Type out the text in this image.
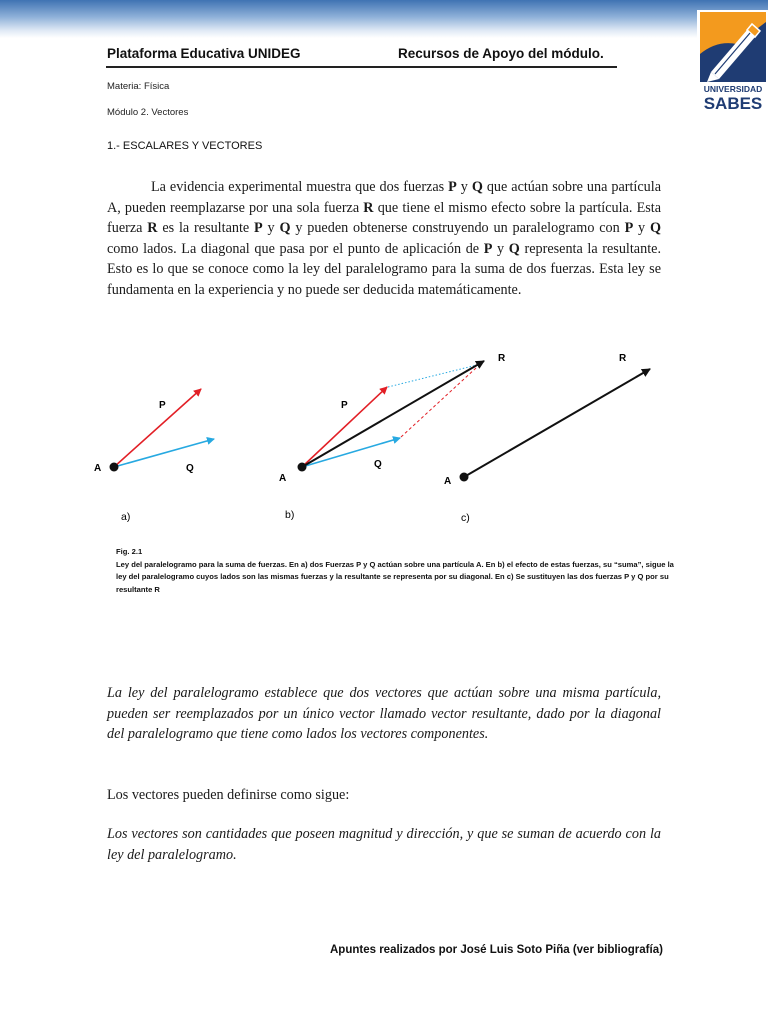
UNIVERSIDAD
SABES
Plataforma Educativa UNIDEG	Recursos de Apoyo del módulo.
Materia: Física
Módulo 2. Vectores
1.- ESCALARES Y VECTORES
La evidencia experimental muestra que dos fuerzas P y Q que actúan sobre una partícula A, pueden reemplazarse por una sola fuerza R que tiene el mismo efecto sobre la partícula. Esta fuerza R es la resultante P y Q y pueden obtenerse construyendo un paralelogramo con P y Q como lados. La diagonal que pasa por el punto de aplicación de P y Q representa la resultante. Esto es lo que se conoce como la ley del paralelogramo para la suma de dos fuerzas. Esta ley se fundamenta en la experiencia y no puede ser deducida matemáticamente.
A
P
Q
a)
A
P
Q
R
b)
A
R
c)
Fig. 2.1
Ley del paralelogramo para la suma de fuerzas. En a) dos Fuerzas P y Q actúan sobre una partícula A. En b) el efecto de estas fuerzas, su “suma”, sigue la ley del paralelogramo cuyos lados son las mismas fuerzas y la resultante se representa por su diagonal. En c) Se sustituyen las dos fuerzas P y Q por su resultante R
La ley del paralelogramo establece que dos vectores que actúan sobre una misma partícula, pueden ser reemplazados por un único vector llamado vector resultante, dado por la diagonal del paralelogramo que tiene como lados los vectores componentes.
Los vectores pueden definirse como sigue:
Los vectores son cantidades que poseen magnitud y dirección, y que se suman de acuerdo con la ley del paralelogramo.
Apuntes realizados por José Luis Soto Piña (ver bibliografía)
